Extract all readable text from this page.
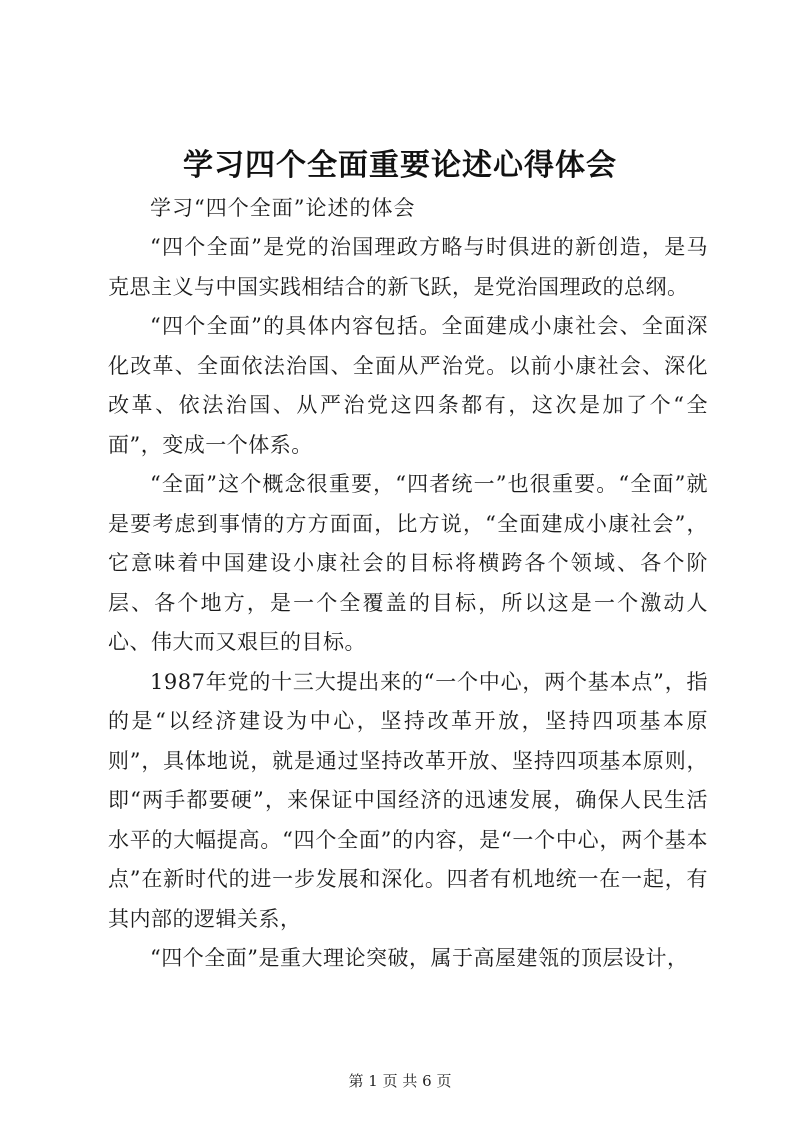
学习四个全面重要论述心得体会
学习“四个全面”论述的体会

“四个全面”是党的治国理政方略与时俱进的新创造，是马克思主义与中国实践相结合的新飞跃，是党治国理政的总纲。

“四个全面”的具体内容包括。全面建成小康社会、全面深化改革、全面依法治国、全面从严治党。以前小康社会、深化改革、依法治国、从严治党这四条都有，这次是加了个“全面”，变成一个体系。

“全面”这个概念很重要，“四者统一”也很重要。“全面”就是要考虑到事情的方方面面，比方说，“全面建成小康社会”，它意味着中国建设小康社会的目标将横跨各个领域、各个阶层、各个地方，是一个全覆盖的目标，所以这是一个激动人心、伟大而又艰巨的目标。

1987年党的十三大提出来的“一个中心，两个基本点”，指的是“以经济建设为中心，坚持改革开放，坚持四项基本原则”，具体地说，就是通过坚持改革开放、坚持四项基本原则，即“两手都要硬”，来保证中国经济的迅速发展，确保人民生活水平的大幅提高。“四个全面”的内容，是“一个中心，两个基本点”在新时代的进一步发展和深化。四者有机地统一在一起，有其内部的逻辑关系，

“四个全面”是重大理论突破，属于高屋建瓴的顶层设计，

第 1 页 共 6 页
